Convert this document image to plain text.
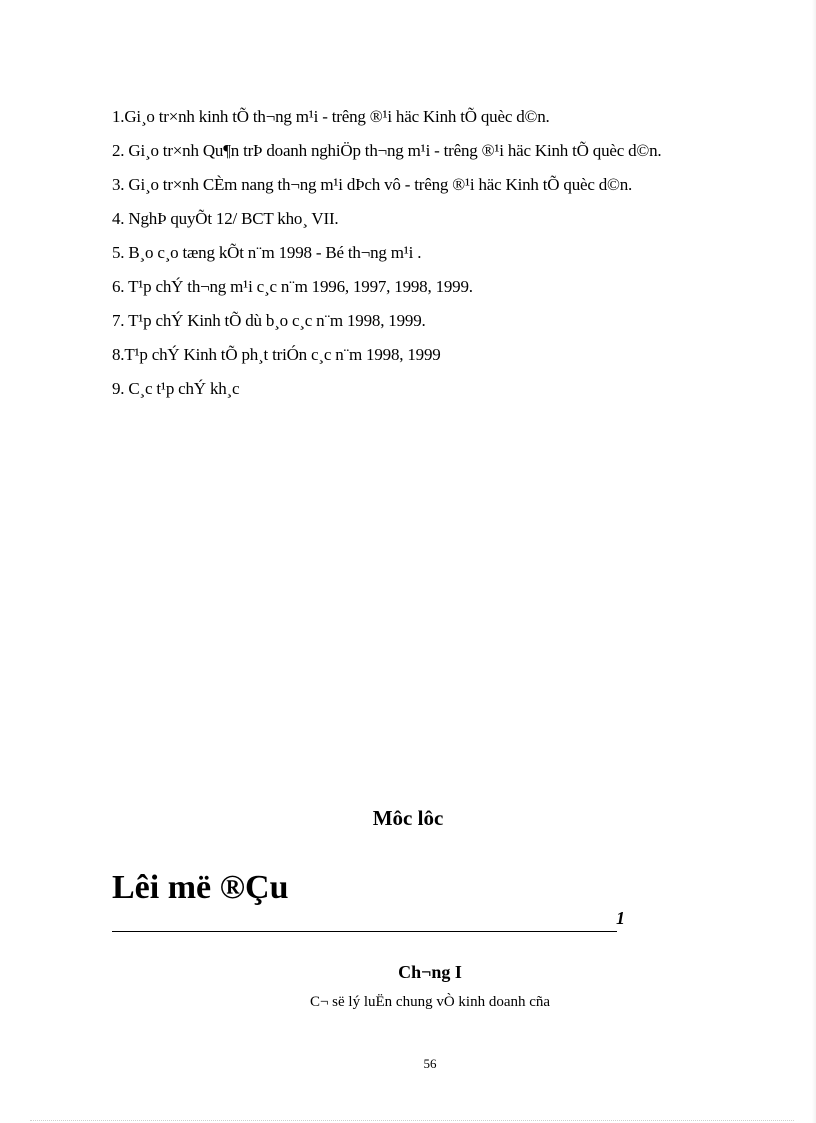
1.Gi¸o tr×nh kinh tÕ th¬ng m¹i - trêng ®¹i häc Kinh tÕ quèc d©n.
2. Gi¸o tr×nh Qu¶n trÞ doanh nghiÖp th¬ng m¹i - trêng ®¹i häc Kinh tÕ quèc d©n.
3. Gi¸o tr×nh CÈm nang th¬ng m¹i dÞch vô - trêng ®¹i häc Kinh tÕ quèc d©n.
4. NghÞ quyÕt 12/ BCT kho¸ VII.
5. B¸o c¸o tæng kÕt n¨m 1998 - Bé th¬ng m¹i .
6. T¹p chÝ th¬ng m¹i c¸c n¨m 1996, 1997, 1998, 1999.
7. T¹p chÝ Kinh tÕ dù b¸o c¸c n¨m 1998, 1999.
8.T¹p chÝ Kinh tÕ ph¸t triÓn c¸c n¨m 1998, 1999
9. C¸c t¹p chÝ kh¸c
Môc lôc
Lêi më ®Çu
1
Ch¬ng I
C¬ së lý luËn chung vÒ kinh doanh cña
56
